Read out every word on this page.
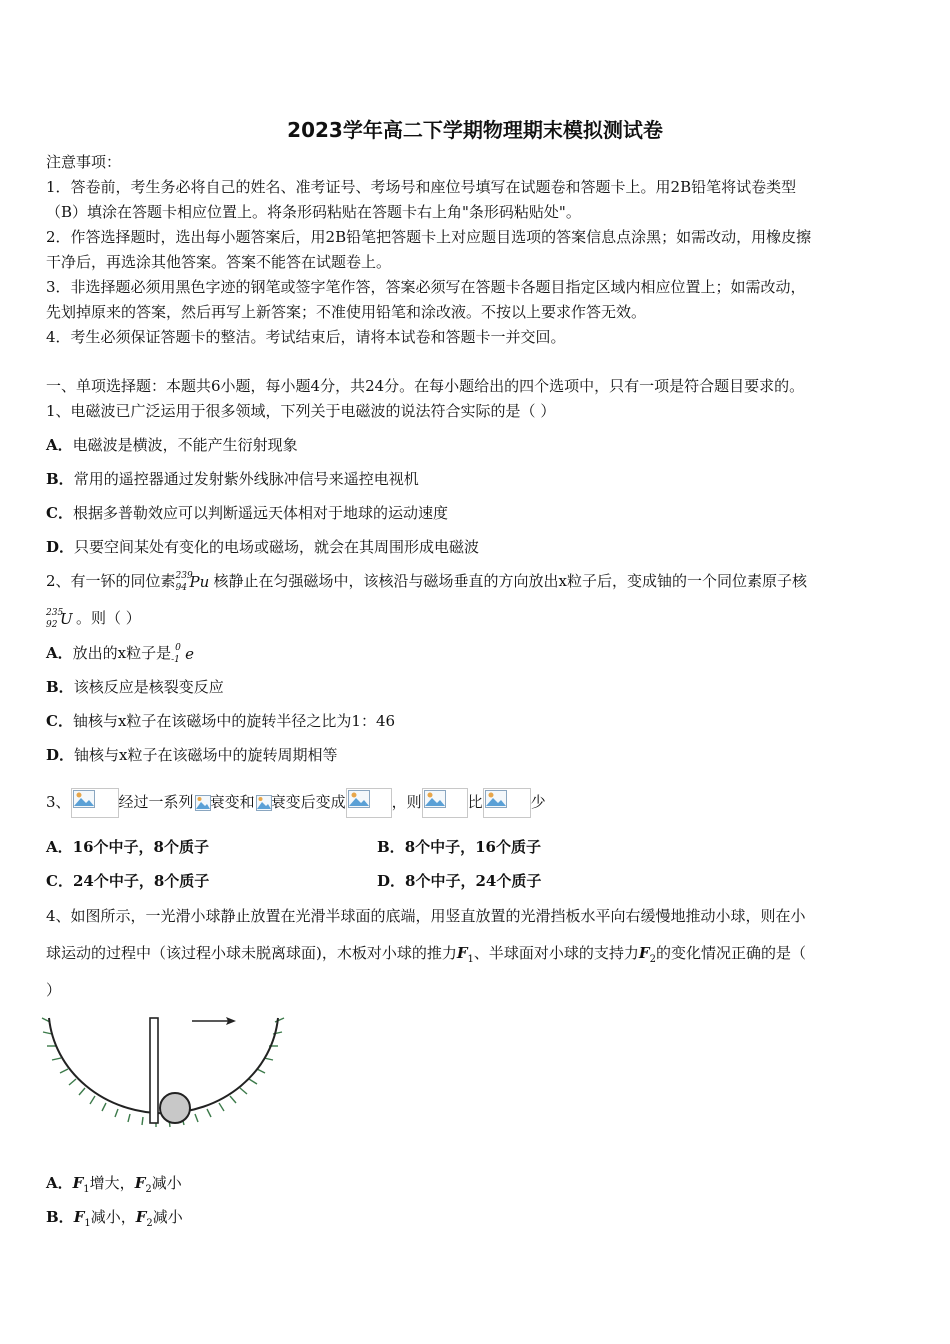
2023学年高二下学期物理期末模拟测试卷
注意事项：
1．答卷前，考生务必将自己的姓名、准考证号、考场号和座位号填写在试题卷和答题卡上。用2B铅笔将试卷类型
（B）填涂在答题卡相应位置上。将条形码粘贴在答题卡右上角"条形码粘贴处"。
2．作答选择题时，选出每小题答案后，用2B铅笔把答题卡上对应题目选项的答案信息点涂黑；如需改动，用橡皮擦
干净后，再选涂其他答案。答案不能答在试题卷上。
3．非选择题必须用黑色字迹的钢笔或签字笔作答，答案必须写在答题卡各题目指定区域内相应位置上；如需改动，
先划掉原来的答案，然后再写上新答案；不准使用铅笔和涂改液。不按以上要求作答无效。
4．考生必须保证答题卡的整洁。考试结束后，请将本试卷和答题卡一并交回。
一、单项选择题：本题共6小题，每小题4分，共24分。在每小题给出的四个选项中，只有一项是符合题目要求的。
1、电磁波已广泛运用于很多领域，下列关于电磁波的说法符合实际的是（ ）
A．电磁波是横波，不能产生衍射现象
B．常用的遥控器通过发射紫外线脉冲信号来遥控电视机
C．根据多普勒效应可以判断遥远天体相对于地球的运动速度
D．只要空间某处有变化的电场或磁场，就会在其周围形成电磁波
2、有一钚的同位素 239
94 Pu 核静止在匀强磁场中，该核沿与磁场垂直的方向放出x粒子后，变成铀的一个同位素原子核
235
92 U 。则（ ）
A．放出的x粒子是 0
-1 e
B．该核反应是核裂变反应
C．铀核与x粒子在该磁场中的旋转半径之比为1：46
D．铀核与x粒子在该磁场中的旋转周期相等
3、	经过一系列 衰变和 衰变后变成	，则	比	少
A．16个中子，8个质子	B．8个中子，16个质子
C．24个中子，8个质子	D．8个中子，24个质子
4、如图所示，一光滑小球静止放置在光滑半球面的底端，用竖直放置的光滑挡板水平向右缓慢地推动小球，则在小
球运动的过程中（该过程小球未脱离球面)，木板对小球的推力$F_1$、半球面对小球的支持力$F_2$的变化情况正确的是（
）
A．$F_1$增大，$F_2$减小
B．$F_1$减小，$F_2$减小
